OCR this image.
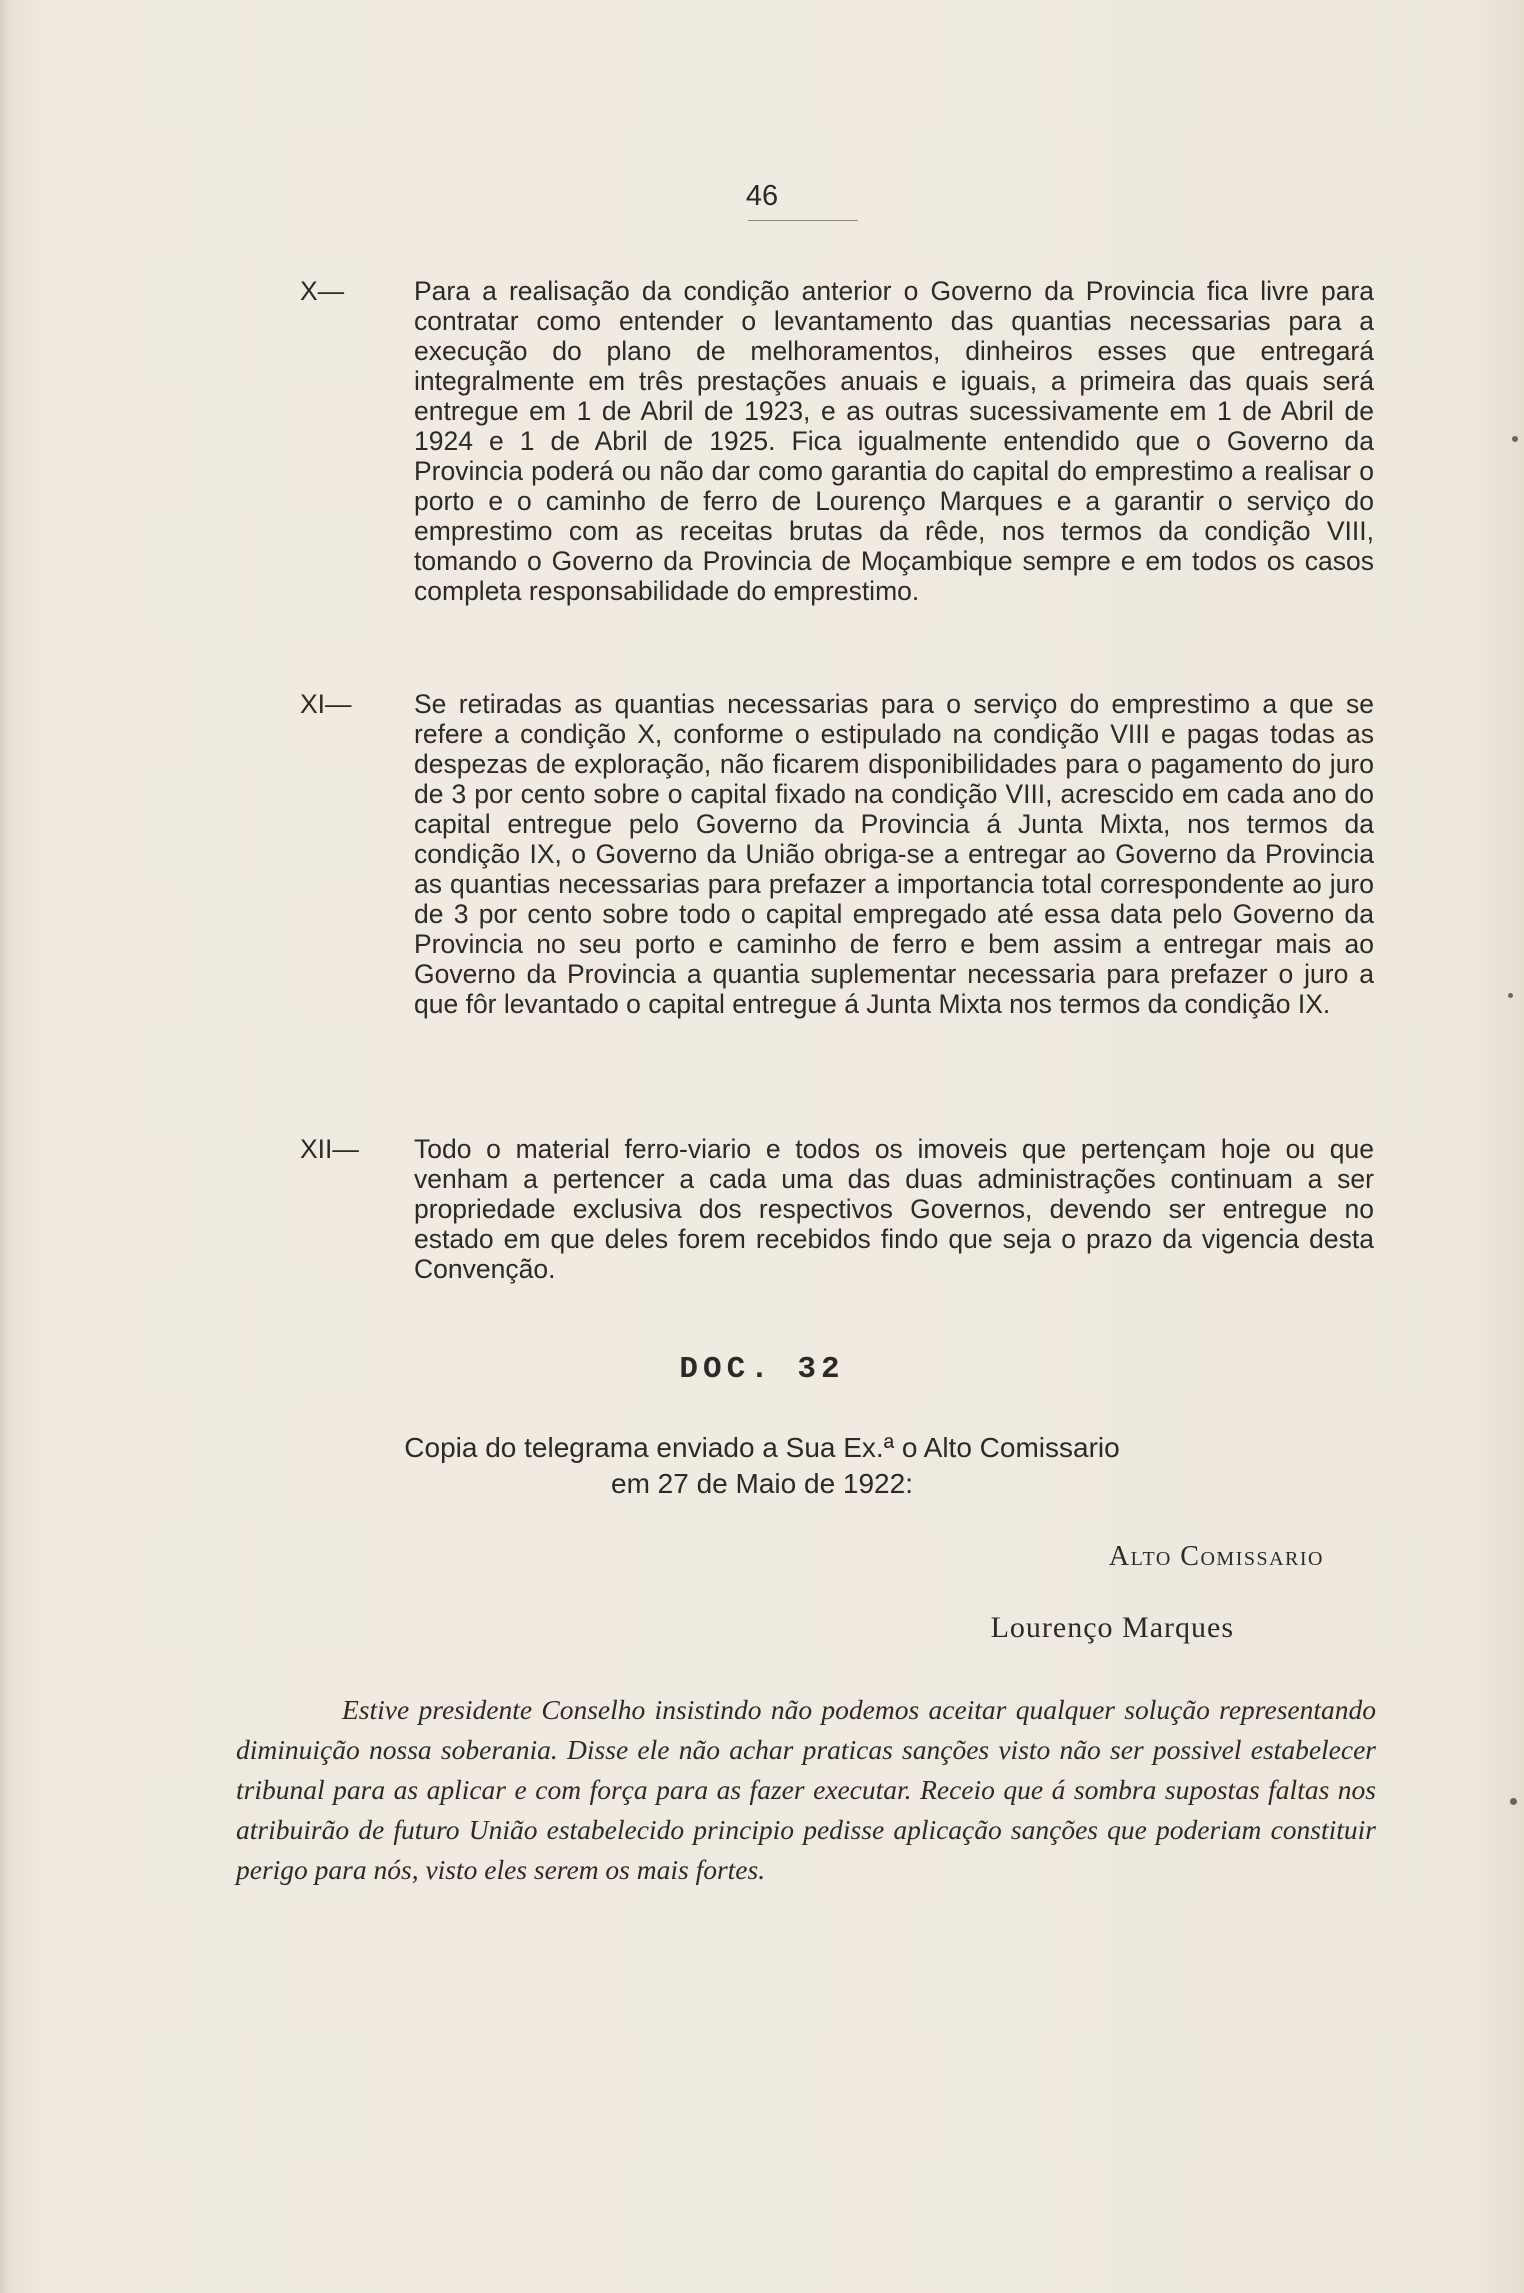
46
X—	Para a realisação da condição anterior o Governo da Provincia fica livre para contratar como entender o levantamento das quantias necessarias para a execução do plano de melhoramentos, dinheiros esses que entregará integralmente em três prestações anuais e iguais, a primeira das quais será entregue em 1 de Abril de 1923, e as outras sucessivamente em 1 de Abril de 1924 e 1 de Abril de 1925. Fica igualmente entendido que o Governo da Provincia poderá ou não dar como garantia do capital do emprestimo a realisar o porto e o caminho de ferro de Lourenço Marques e a garantir o serviço do emprestimo com as receitas brutas da rêde, nos termos da condição VIII, tomando o Governo da Provincia de Moçambique sempre e em todos os casos completa responsabilidade do emprestimo.
XI— Se retiradas as quantias necessarias para o serviço do emprestimo a que se refere a condição X, conforme o estipulado na condição VIII e pagas todas as despezas de exploração, não ficarem disponibilidades para o pagamento do juro de 3 por cento sobre o capital fixado na condição VIII, acrescido em cada ano do capital entregue pelo Governo da Provincia á Junta Mixta, nos termos da condição IX, o Governo da União obriga-se a entregar ao Governo da Provincia as quantias necessarias para prefazer a importancia total correspondente ao juro de 3 por cento sobre todo o capital empregado até essa data pelo Governo da Provincia no seu porto e caminho de ferro e bem assim a entregar mais ao Governo da Provincia a quantia suplementar necessaria para prefazer o juro a que fôr levantado o capital entregue á Junta Mixta nos termos da condição IX.
XII— Todo o material ferro-viario e todos os imoveis que pertençam hoje ou que venham a pertencer a cada uma das duas administrações continuam a ser propriedade exclusiva dos respectivos Governos, devendo ser entregue no estado em que deles forem recebidos findo que seja o prazo da vigencia desta Convenção.
DOC. 32
Copia do telegrama enviado a Sua Ex.ª o Alto Comissario
em 27 de Maio de 1922:
Alto Comissario
Lourenço Marques
Estive presidente Conselho insistindo não podemos aceitar qualquer solução representando diminuição nossa soberania. Disse ele não achar praticas sanções visto não ser possivel estabelecer tribunal para as aplicar e com força para as fazer executar. Receio que á sombra supostas faltas nos atribuirão de futuro União estabelecido principio pedisse aplicação sanções que poderiam constituir perigo para nós, visto eles serem os mais fortes.
